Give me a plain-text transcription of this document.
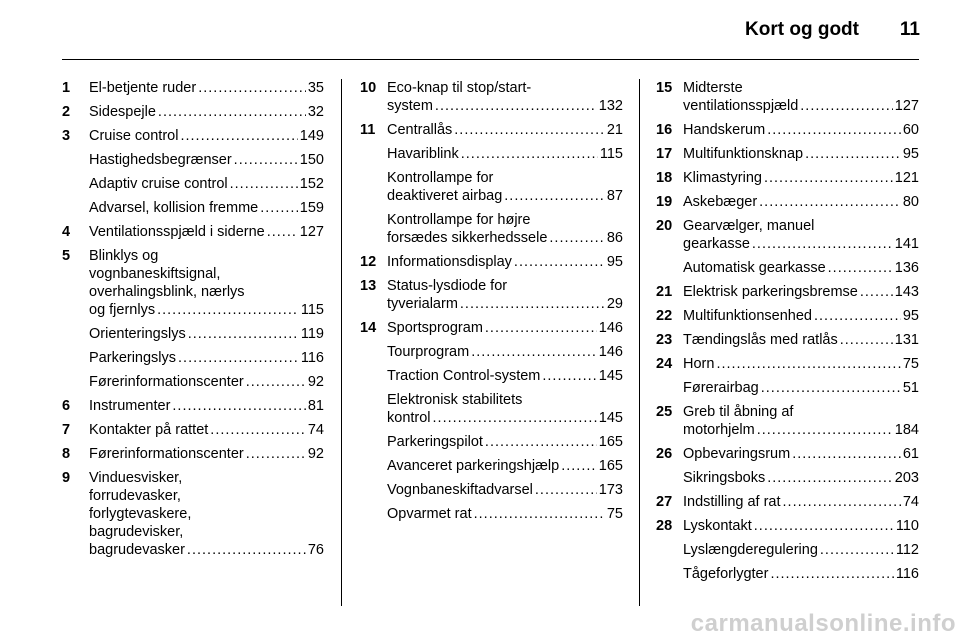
Kort og godt 11
1 El-betjente ruder .....	35
2 Sidespejle .....	32
3 Cruise control .....	149
Hastighedsbegrænser .....	150
Adaptiv cruise control .....	152
Advarsel, kollision fremme .....	159
4 Ventilationsspjæld i siderne ..... 127
5 Blinklys og
vognbaneskiftsignal,
overhalingsblink, nærlys
og fjernlys .....	115
Orienteringslys .....	119
Parkeringslys .....	116
Førerinformationscenter .....	92
6 Instrumenter .....	81
7 Kontakter på rattet .....	74
8 Førerinformationscenter .....	92
9 Vinduesvisker,
forrudevasker,
forlygtevaskere,
bagrudevisker,
bagrudevasker .....	76
10 Eco-knap til stop/start-
system .....	132
11 Centrallås .....	21
Havariblink .....	115
Kontrollampe for
deaktiveret airbag .....	87
Kontrollampe for højre
forsædes sikkerhedssele .....	86
12 Informationsdisplay .....	95
13 Status-lysdiode for
tyverialarm .....	29
14 Sportsprogram .....	146
Tourprogram .....	146
Traction Control-system .....	145
Elektronisk stabilitets
kontrol .....	145
Parkeringspilot .....	165
Avanceret parkeringshjælp .....	165
Vognbaneskiftadvarsel .....	173
Opvarmet rat .....	75
15 Midterste
ventilationsspjæld .....	127
16 Handskerum .....	60
17 Multifunktionsknap .....	95
18 Klimastyring .....	121
19 Askebæger .....	80
20 Gearvælger, manuel
gearkasse .....	141
Automatisk gearkasse .....	136
21 Elektrisk parkeringsbremse .....	143
22 Multifunktionsenhed .....	95
23 Tændingslås med ratlås .....	131
24 Horn .....	75
Førerairbag .....	51
25 Greb til åbning af
motorhjelm .....	184
26 Opbevaringsrum .....	61
Sikringsboks .....	203
27 Indstilling af rat .....	74
28 Lyskontakt .....	110
Lyslængderegulering .....	112
Tågeforlygter .....	116
carmanualsonline.info
